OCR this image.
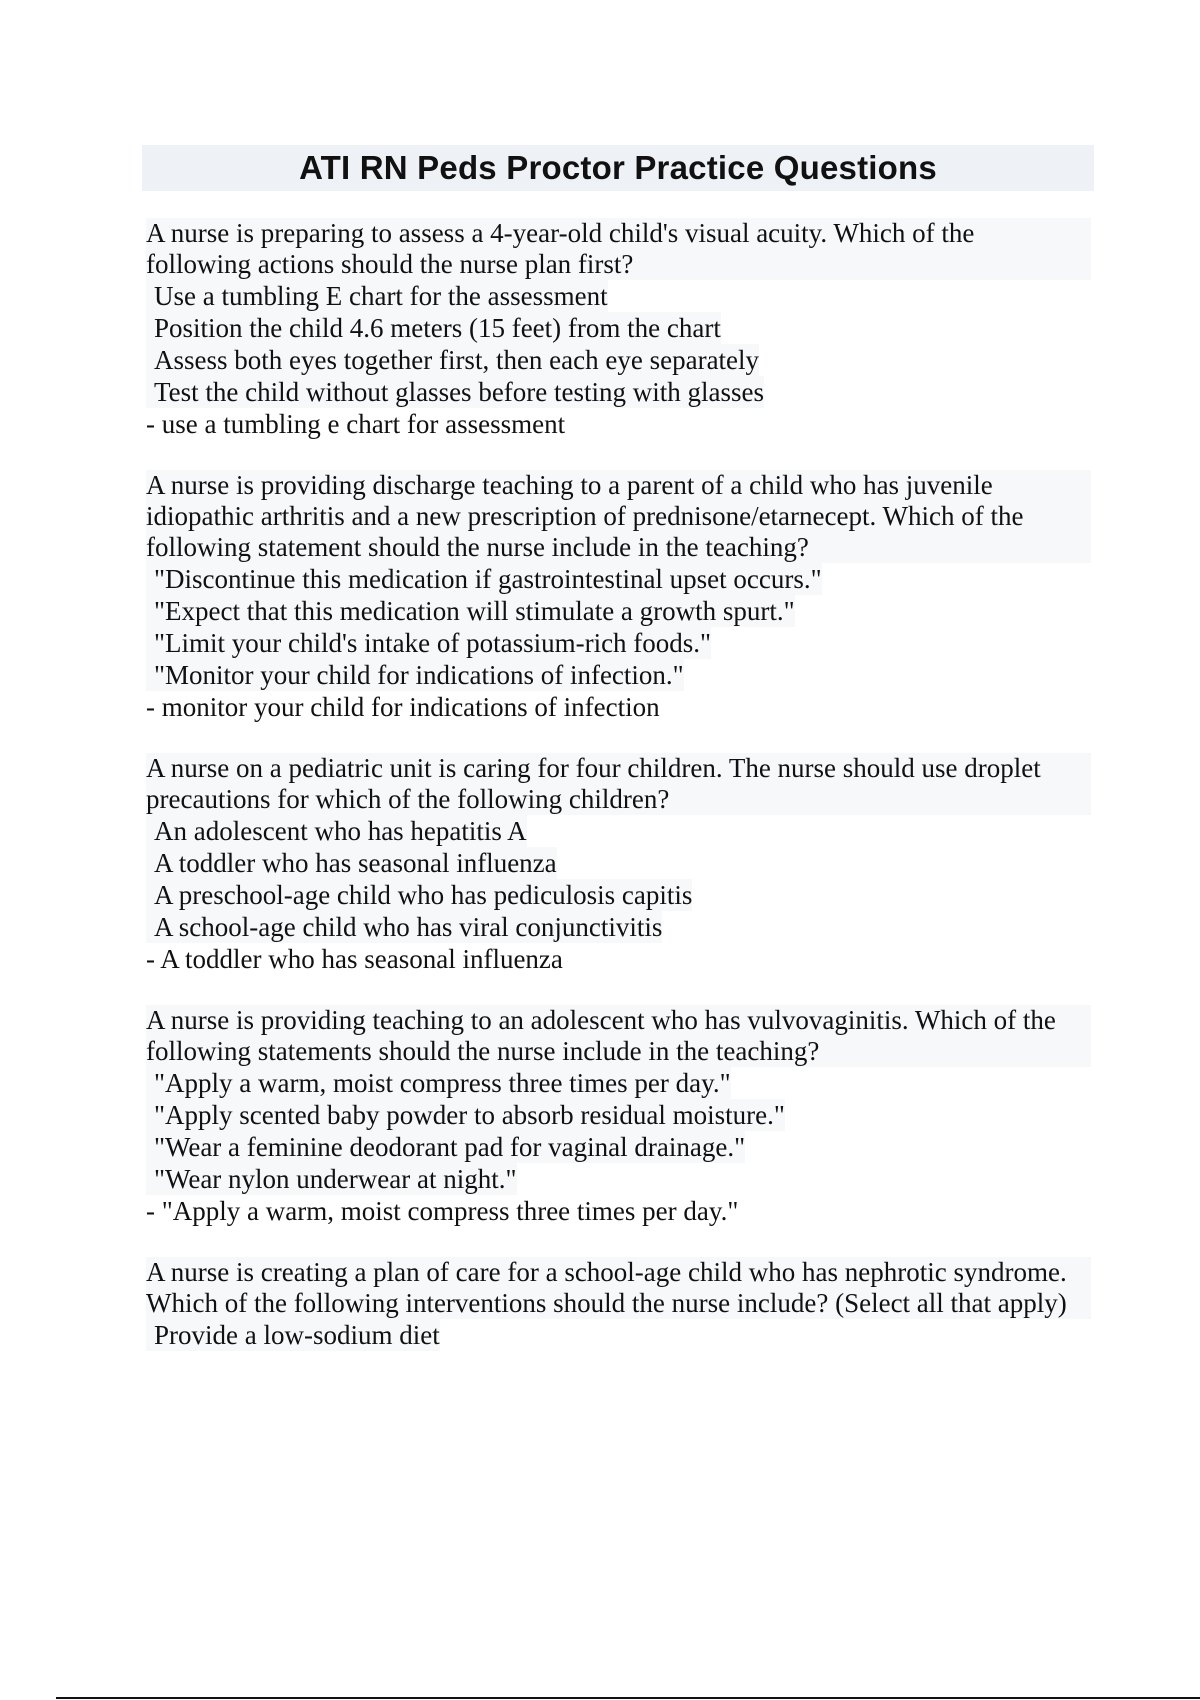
ATI RN Peds Proctor Practice Questions
A nurse is preparing to assess a 4-year-old child's visual acuity. Which of the following actions should the nurse plan first?
Use a tumbling E chart for the assessment
Position the child 4.6 meters (15 feet) from the chart
Assess both eyes together first, then each eye separately
Test the child without glasses before testing with glasses
- use a tumbling e chart for assessment
A nurse is providing discharge teaching to a parent of a child who has juvenile idiopathic arthritis and a new prescription of prednisone/etarnecept. Which of the following statement should the nurse include in the teaching?
"Discontinue this medication if gastrointestinal upset occurs."
"Expect that this medication will stimulate a growth spurt."
"Limit your child's intake of potassium-rich foods."
"Monitor your child for indications of infection."
- monitor your child for indications of infection
A nurse on a pediatric unit is caring for four children. The nurse should use droplet precautions for which of the following children?
An adolescent who has hepatitis A
A toddler who has seasonal influenza
A preschool-age child who has pediculosis capitis
A school-age child who has viral conjunctivitis
- A toddler who has seasonal influenza
A nurse is providing teaching to an adolescent who has vulvovaginitis. Which of the following statements should the nurse include in the teaching?
"Apply a warm, moist compress three times per day."
"Apply scented baby powder to absorb residual moisture."
"Wear a feminine deodorant pad for vaginal drainage."
"Wear nylon underwear at night."
- "Apply a warm, moist compress three times per day."
A nurse is creating a plan of care for a school-age child who has nephrotic syndrome. Which of the following interventions should the nurse include? (Select all that apply)
Provide a low-sodium diet
